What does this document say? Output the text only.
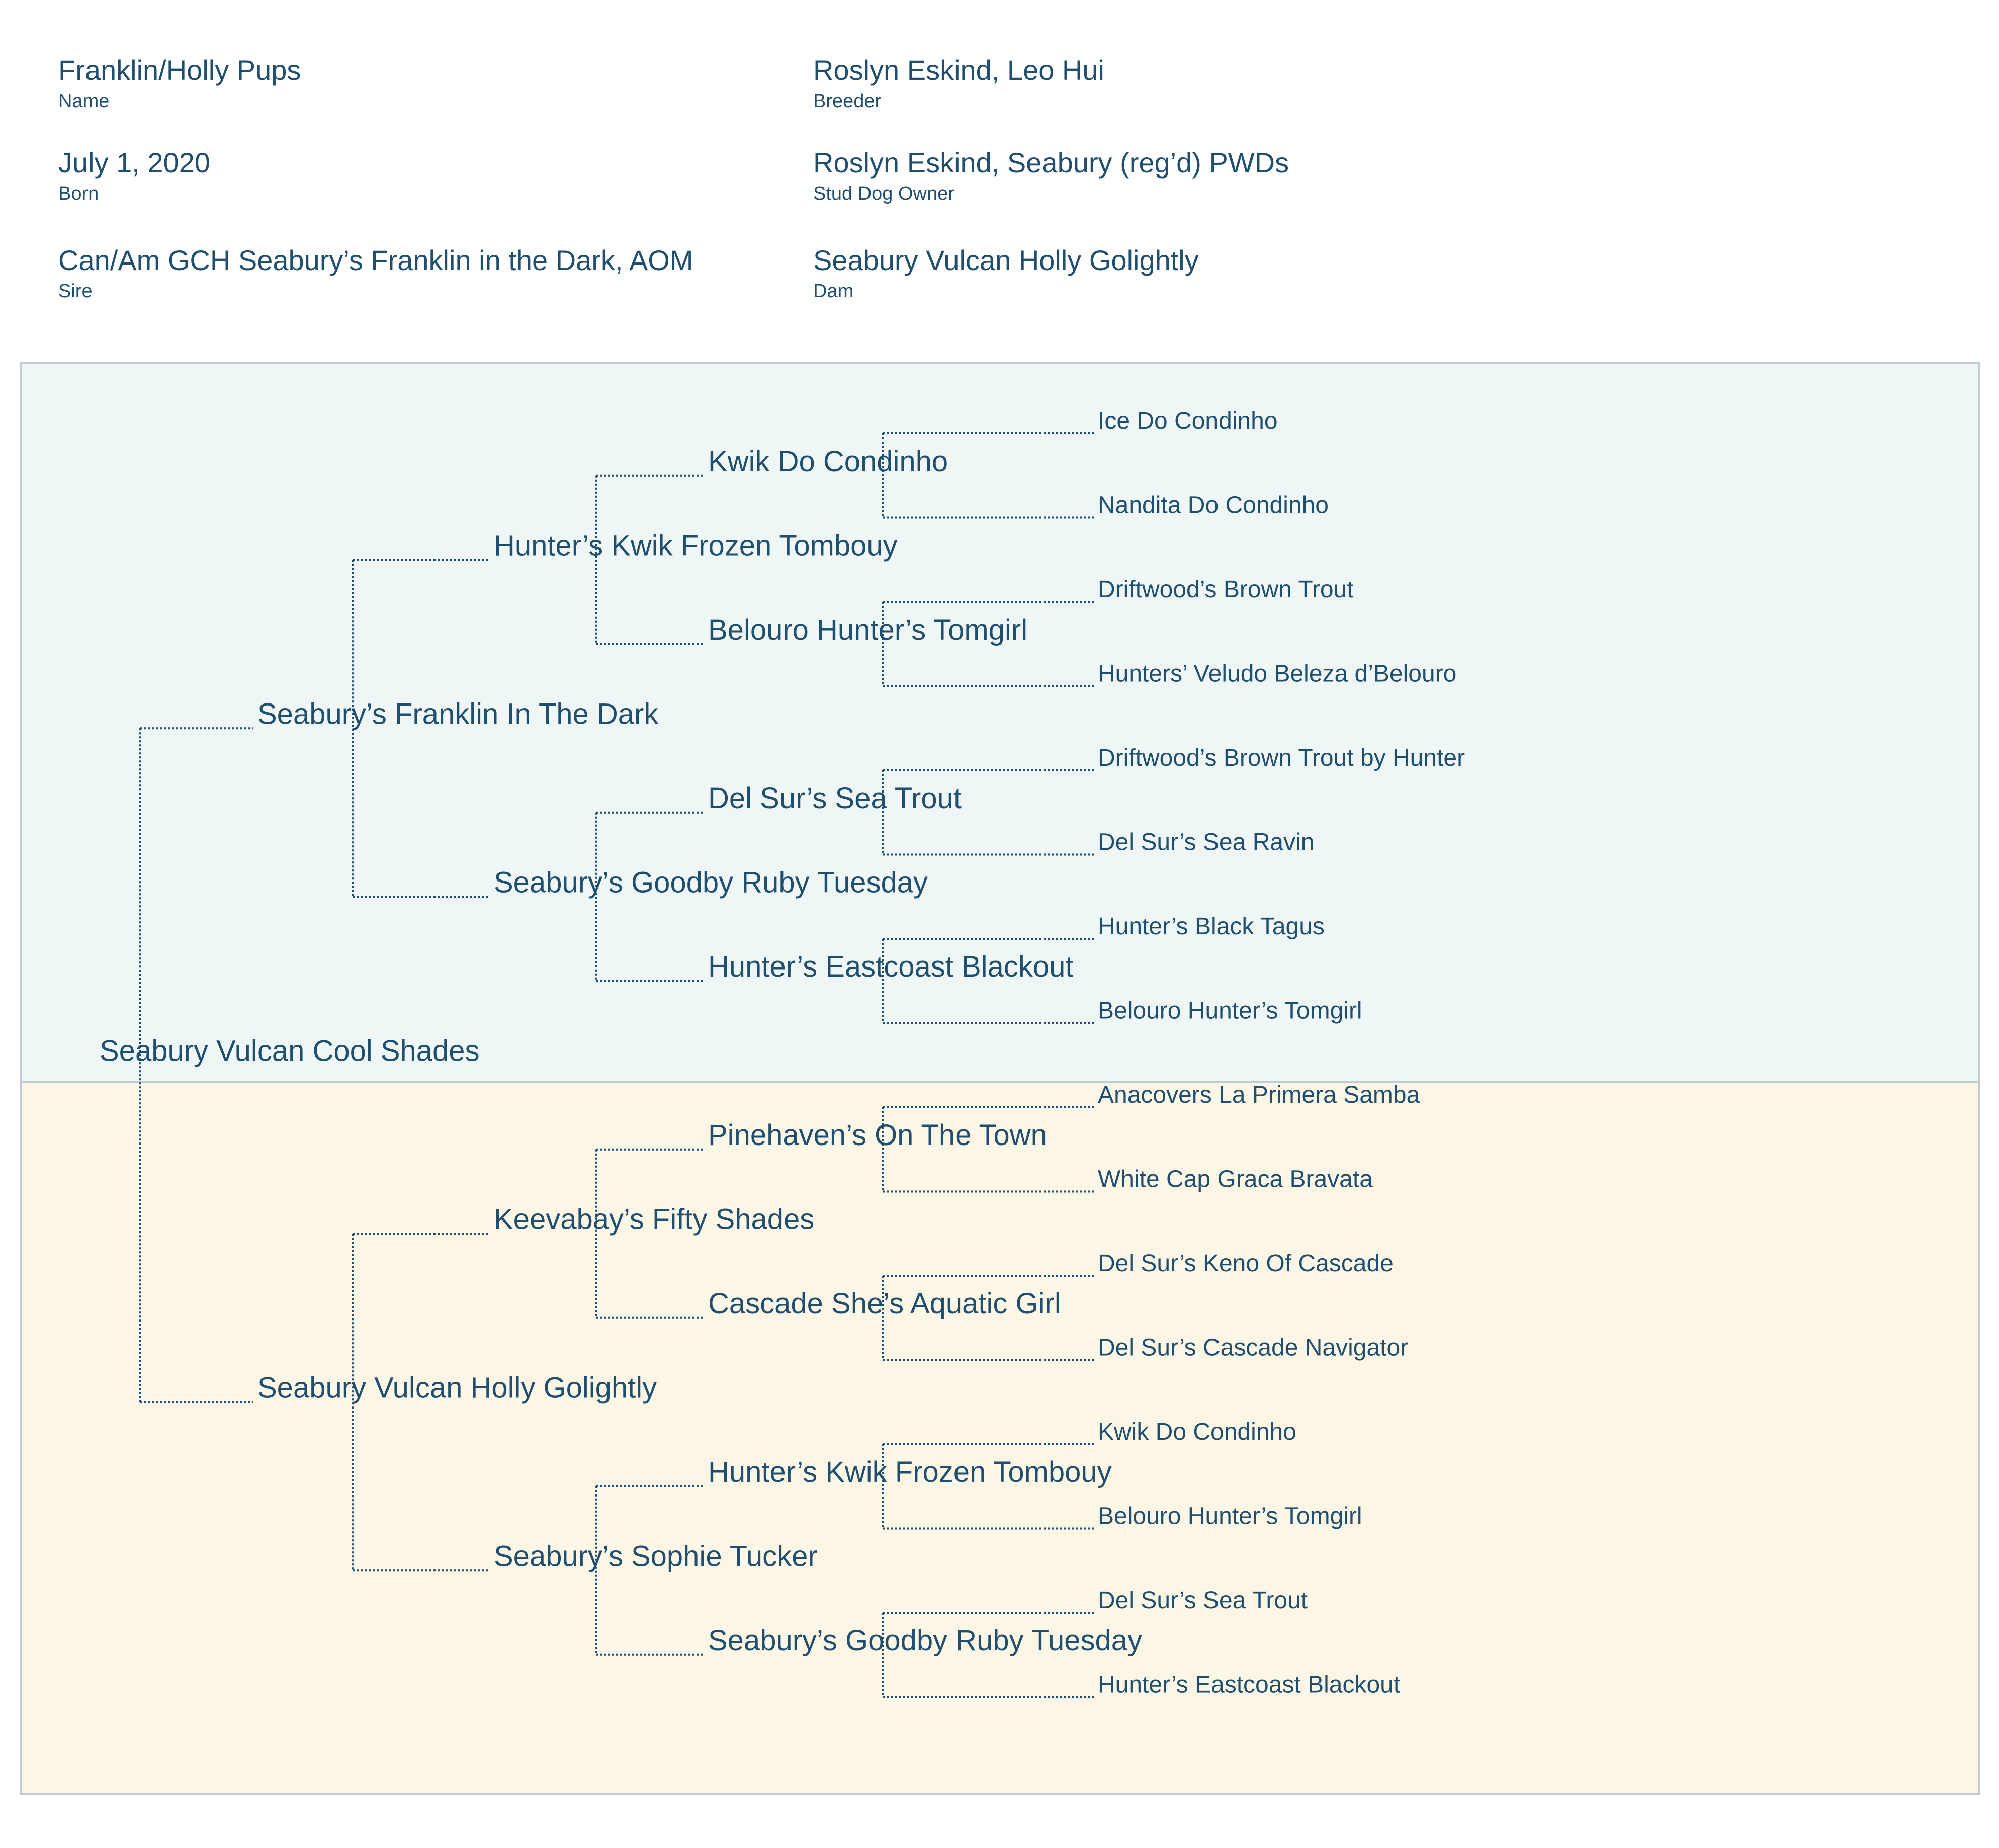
Franklin/Holly Pups
Name
Roslyn Eskind, Leo Hui
Breeder
July 1, 2020
Born
Roslyn Eskind, Seabury (reg’d) PWDs
Stud Dog Owner
Can/Am GCH Seabury’s Franklin in the Dark, AOM
Sire
Seabury Vulcan Holly Golightly
Dam
Seabury Vulcan Cool Shades
Seabury’s Franklin In The Dark
Hunter’s Kwik Frozen Tombouy
Kwik Do Condinho
Ice Do Condinho
Nandita Do Condinho
Belouro Hunter’s Tomgirl
Driftwood’s Brown Trout
Hunters’ Veludo Beleza d’Belouro
Seabury’s Goodby Ruby Tuesday
Del Sur’s Sea Trout
Driftwood’s Brown Trout by Hunter
Del Sur’s Sea Ravin
Hunter’s Eastcoast Blackout
Hunter’s Black Tagus
Belouro Hunter’s Tomgirl
Seabury Vulcan Holly Golightly
Keevabay’s Fifty Shades
Pinehaven’s On The Town
Anacovers La Primera Samba
White Cap Graca Bravata
Cascade She’s Aquatic Girl
Del Sur’s Keno Of Cascade
Del Sur’s Cascade Navigator
Seabury’s Sophie Tucker
Hunter’s Kwik Frozen Tombouy
Kwik Do Condinho
Belouro Hunter’s Tomgirl
Seabury’s Goodby Ruby Tuesday
Del Sur’s Sea Trout
Hunter’s Eastcoast Blackout
